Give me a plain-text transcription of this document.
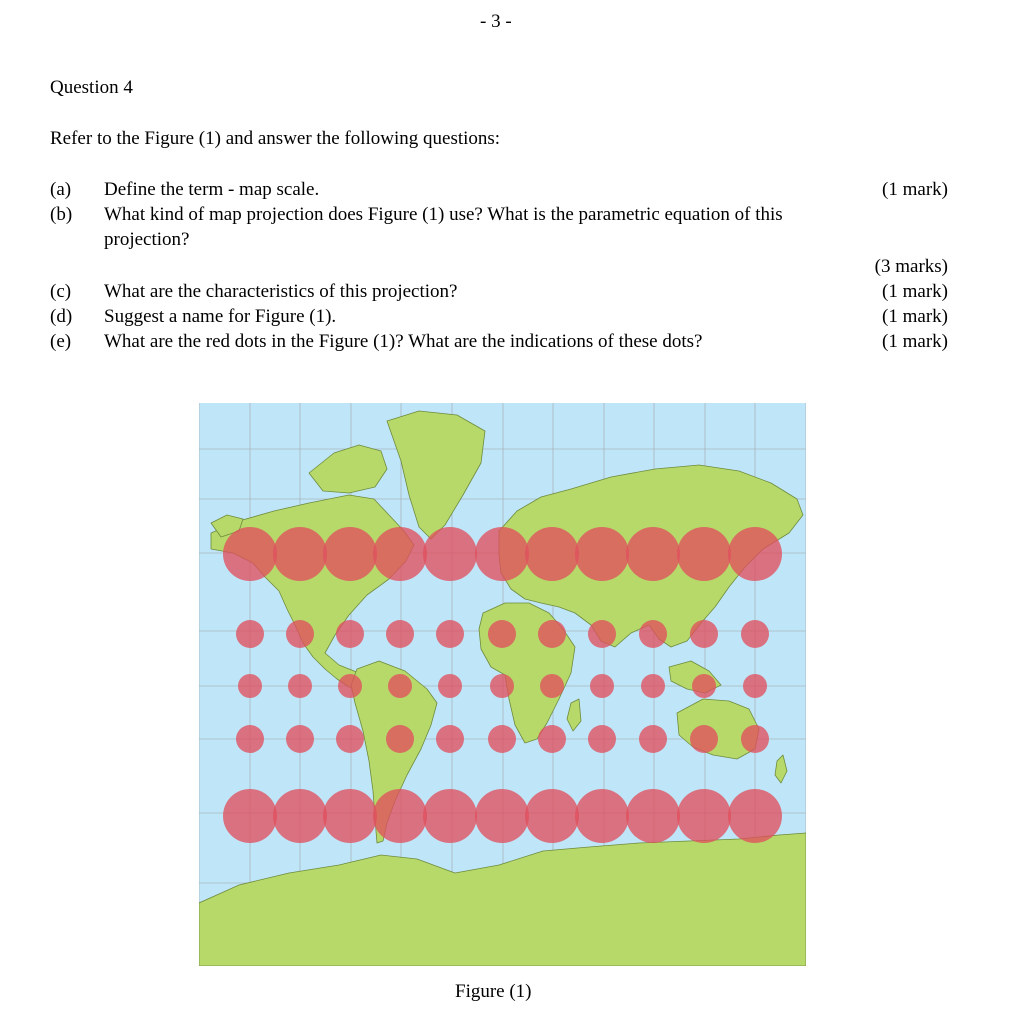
- 3 -
Question 4
Refer to the Figure (1) and answer the following questions:
(a) Define the term - map scale.	(1 mark)
(b) What kind of map projection does Figure (1) use? What is the parametric equation of this
projection?
(3 marks)
(c) What are the characteristics of this projection?	(1 mark)
(d) Suggest a name for Figure (1).	(1 mark)
(e) What are the red dots in the Figure (1)? What are the indications of these dots?	(1 mark)
Figure (1)
